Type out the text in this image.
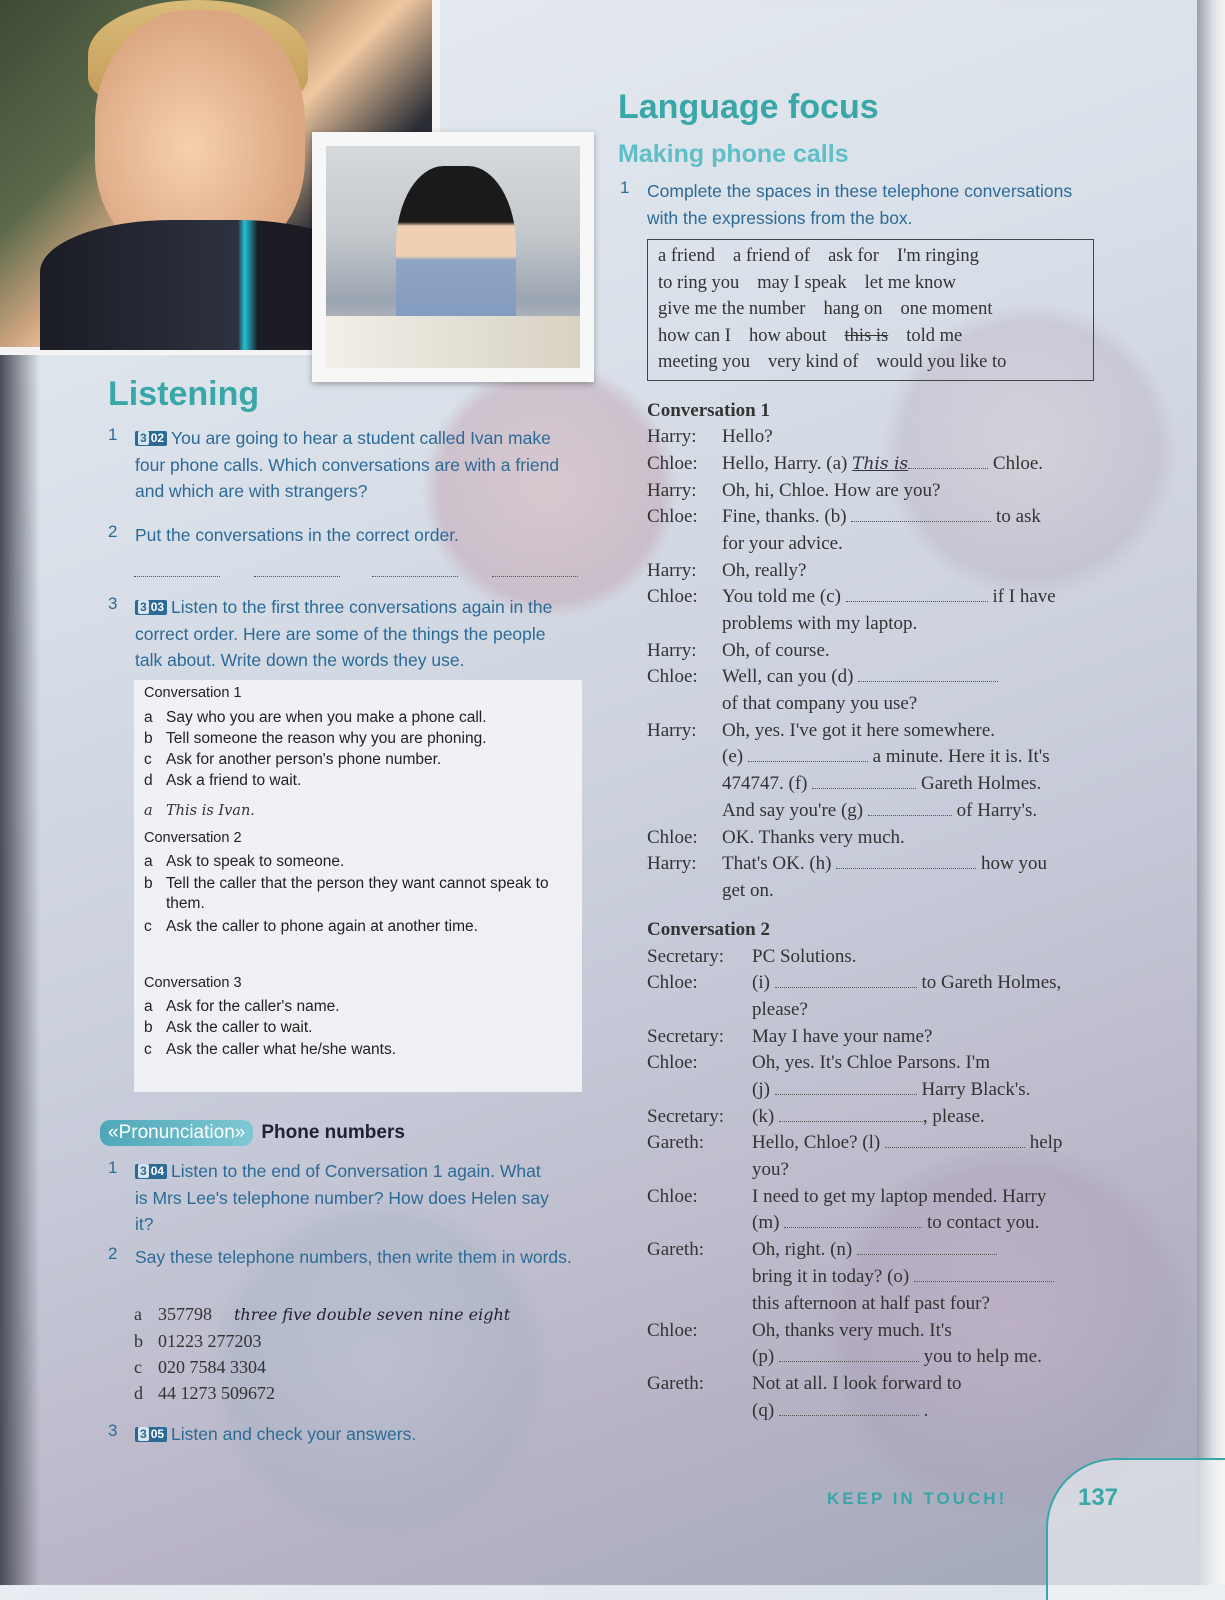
Listening
1	3 02 You are going to hear a student called Ivan make four phone calls. Which conversations are with a friend and which are with strangers?
2 Put the conversations in the correct order.
3	3 03 Listen to the first three conversations again in the correct order. Here are some of the things the people talk about. Write down the words they use.
Conversation 1
a Say who you are when you make a phone call.
b Tell someone the reason why you are phoning.
c Ask for another person's phone number.
d Ask a friend to wait.
a This is Ivan.
Conversation 2
a Ask to speak to someone.
b Tell the caller that the person they want cannot speak to them.
c Ask the caller to phone again at another time.
Conversation 3
a Ask for the caller's name.
b Ask the caller to wait.
c Ask the caller what he/she wants.
«Pronunciation» Phone numbers
1	3 04 Listen to the end of Conversation 1 again. What is Mrs Lee's telephone number? How does Helen say it?
2 Say these telephone numbers, then write them in words.
a 357798 three five double seven nine eight
b 01223 277203
c 020 7584 3304
d 44 1273 509672
3	3 05 Listen and check your answers.
Language focus
Making phone calls
1 Complete the spaces in these telephone conversations with the expressions from the box.
a friend a friend of ask for I'm ringing
to ring you may I speak let me know
give me the number hang on one moment
how can I how about this is told me
meeting you very kind of would you like to
Conversation 1
Harry: Hello?
Chloe: Hello, Harry. (a) This is	Chloe.
Harry: Oh, hi, Chloe. How are you?
Chloe: Fine, thanks. (b)	to ask
for your advice.
Harry: Oh, really?
Chloe: You told me (c)	if I have
problems with my laptop.
Harry: Oh, of course.
Chloe: Well, can you (d)
of that company you use?
Harry: Oh, yes. I've got it here somewhere.
(e)	a minute. Here it is. It's
474747. (f)	Gareth Holmes.
And say you're (g)	of Harry's.
Chloe: OK. Thanks very much.
Harry: That's OK. (h)	how you
get on.
Conversation 2
Secretary: PC Solutions.
Chloe:	(i)	to Gareth Holmes,
please?
Secretary: May I have your name?
Chloe:	Oh, yes. It's Chloe Parsons. I'm
(j)	Harry Black's.
Secretary: (k)	, please.
Gareth:	Hello, Chloe? (l)	help
you?
Chloe:	I need to get my laptop mended. Harry
(m)	to contact you.
Gareth:	Oh, right. (n)
bring it in today? (o)
this afternoon at half past four?
Chloe:	Oh, thanks very much. It's
(p)	you to help me.
Gareth:	Not at all. I look forward to
(q)	.
KEEP IN TOUCH!	137
